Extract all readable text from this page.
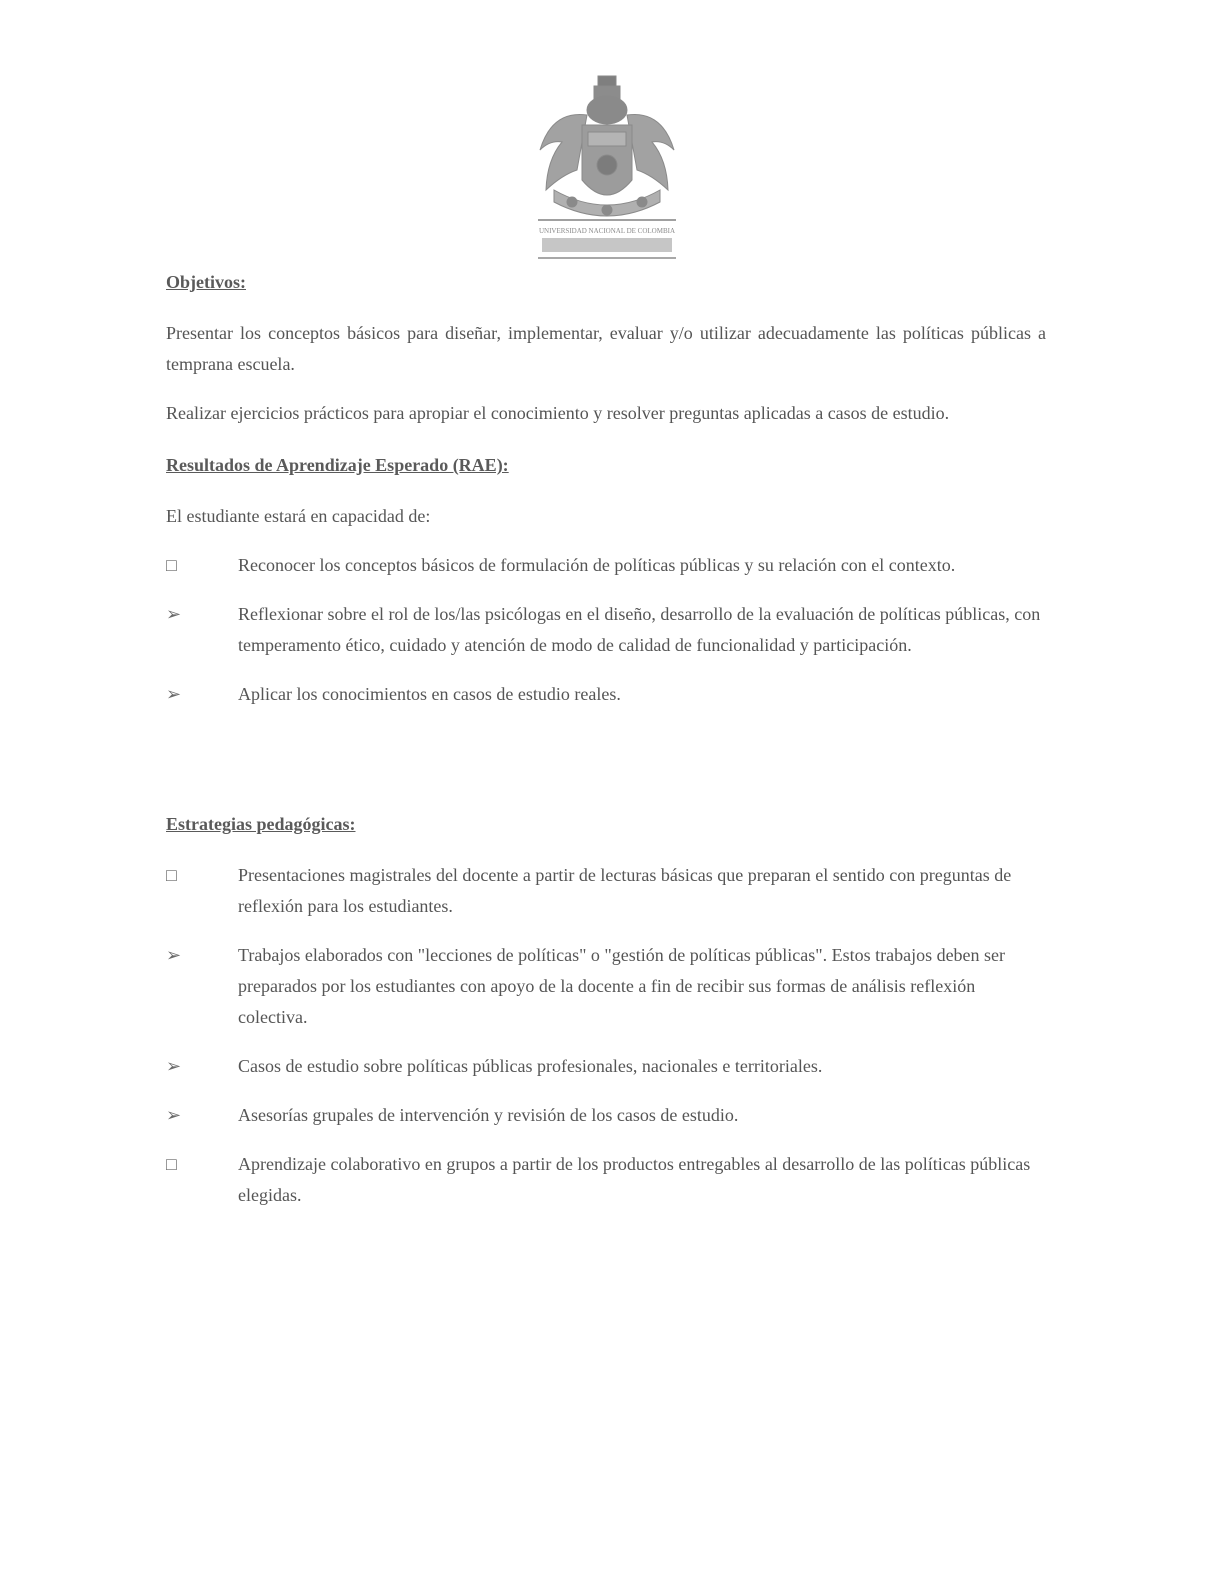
UNIVERSIDAD NACIONAL DE COLOMBIA
Objetivos:

Presentar los conceptos básicos para diseñar, implementar, evaluar y/o utilizar adecuadamente las políticas públicas a temprana escuela.

Realizar ejercicios prácticos para apropiar el conocimiento y resolver preguntas aplicadas a casos de estudio.

Resultados de Aprendizaje Esperado (RAE):

El estudiante estará en capacidad de:

□	Reconocer los conceptos básicos de formulación de políticas públicas y su relación con el contexto.
➢	Reflexionar sobre el rol de los/las psicólogas en el diseño, desarrollo de la evaluación de políticas públicas, con temperamento ético, cuidado y atención de modo de calidad de funcionalidad y participación.
➢	Aplicar los conocimientos en casos de estudio reales.
Estrategias pedagógicas:
□	Presentaciones magistrales del docente a partir de lecturas básicas que preparan el sentido con preguntas de reflexión para los estudiantes.
➢	Trabajos elaborados con "lecciones de políticas" o "gestión de políticas públicas". Estos trabajos deben ser preparados por los estudiantes con apoyo de la docente a fin de recibir sus formas de análisis reflexión colectiva.
➢	Casos de estudio sobre políticas públicas profesionales, nacionales e territoriales.
➢	Asesorías grupales de intervención y revisión de los casos de estudio.
□	Aprendizaje colaborativo en grupos a partir de los productos entregables al desarrollo de las políticas públicas elegidas.
